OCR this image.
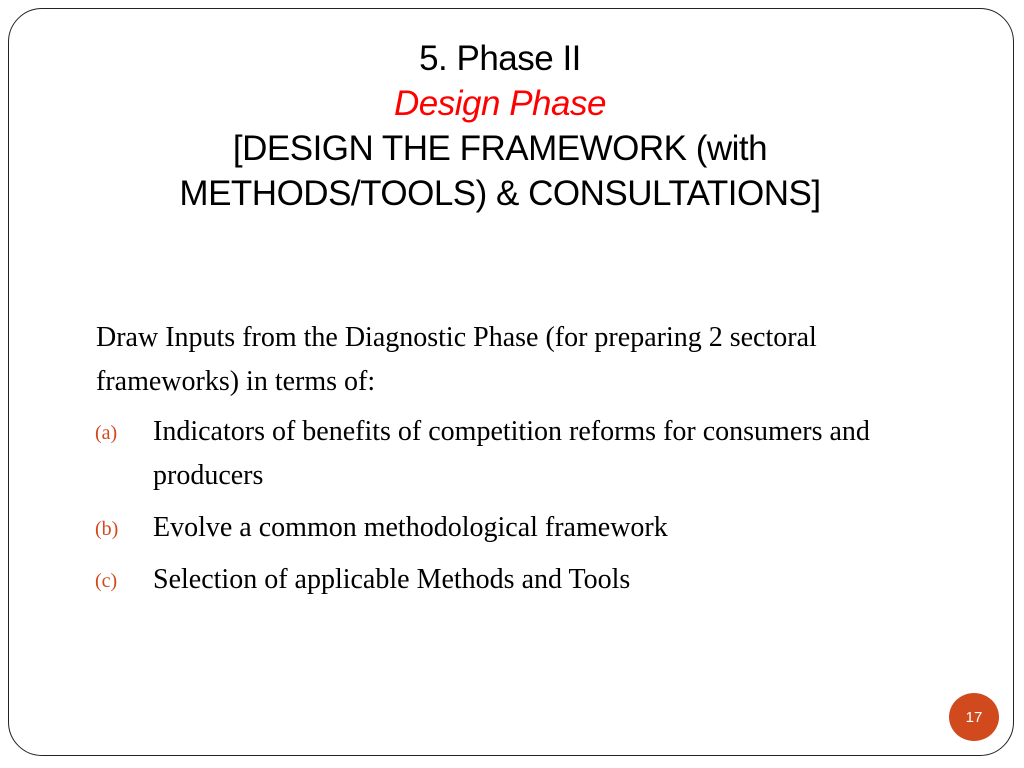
5. Phase II
Design Phase
[DESIGN THE FRAMEWORK (with
METHODS/TOOLS) & CONSULTATIONS]

Draw Inputs from the Diagnostic Phase (for preparing 2 sectoral frameworks) in terms of:

(a) Indicators of benefits of competition reforms for consumers and producers
(b) Evolve a common methodological framework
(c) Selection of applicable Methods and Tools
17
